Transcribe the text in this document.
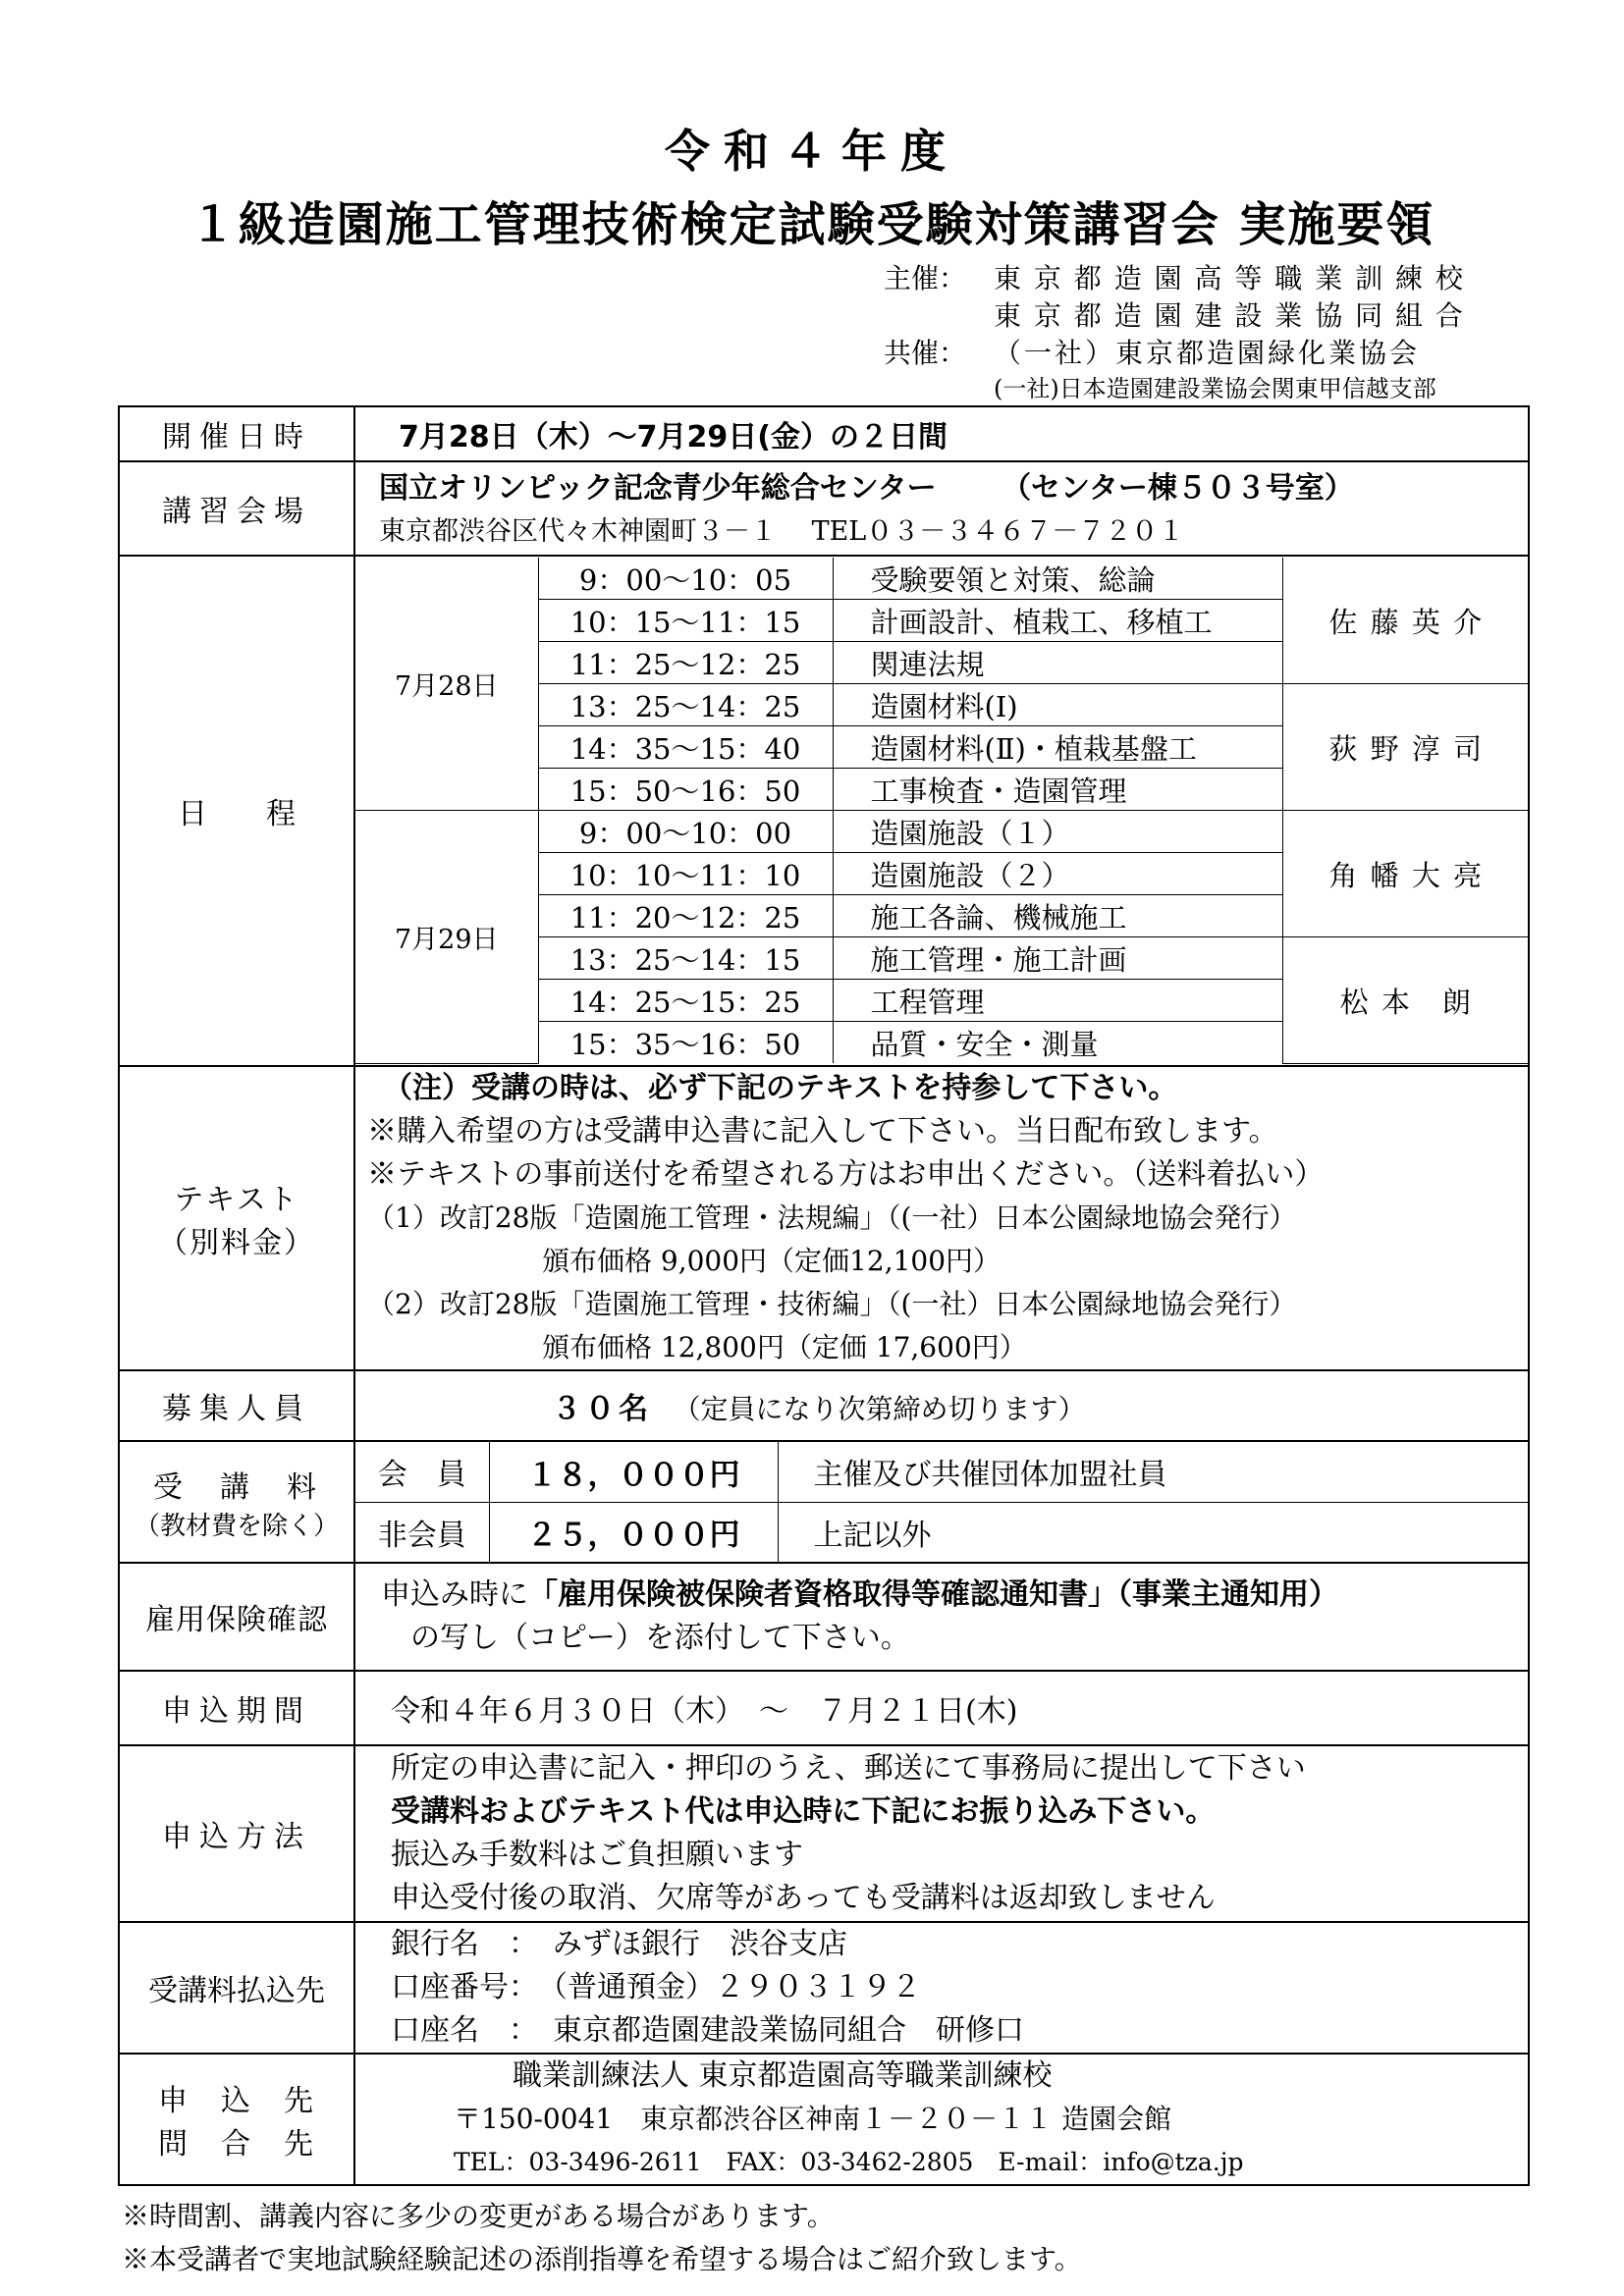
令和４年度
１級造園施工管理技術検定試験受験対策講習会 実施要領
主催： 東 京 都 造 園 高 等 職 業 訓 練 校
東 京 都 造 園 建 設 業 協 同 組 合
共催： （一社）東京都造園緑化業協会
(一社)日本造園建設業協会関東甲信越支部
開催日時	7月28日（木）～7月29日(金）の２日間
講習会場	
国立オリンピック記念青少年総合センター （センター棟５０３号室）
東京都渋谷区代々木神園町３－１　 TEL０３－３４６７－７２０１

日　　程	
7月28日	9：00～10：05	受験要領と対策、総論	佐 藤 英 介
10：15～11：15	計画設計、植栽工、移植工
11：25～12：25	関連法規
13：25～14：25	造園材料(Ⅰ)	荻 野 淳 司
14：35～15：40	造園材料(Ⅱ)・植栽基盤工
15：50～16：50	工事検査・造園管理
7月29日	9：00～10：00	造園施設（１）	角 幡 大 亮
10：10～11：10	造園施設（２）
11：20～12：25	施工各論、機械施工
13：25～14：15	施工管理・施工計画	松 本　朗
14：25～15：25	工程管理
15：35～16：50	品質・安全・測量

テキスト
（別料金）

（注）受講の時は、必ず下記のテキストを持参して下さい。
※購入希望の方は受講申込書に記入して下さい。当日配布致します。
※テキストの事前送付を希望される方はお申出ください。（送料着払い）
（1）改訂28版「造園施工管理・法規編」（(一社）日本公園緑地協会発行）
頒布価格 9,000円（定価12,100円）
（2）改訂28版「造園施工管理・技術編」（(一社）日本公園緑地協会発行）
頒布価格 12,800円（定価 17,600円）

募集人員	３０名 （定員になり次第締め切ります）

受　講　料
（教材費を除く）

会　員	１８，０００円	主催及び共催団体加盟社員
非会員	２５，０００円	上記以外

雇用保険確認	
申込み時に「雇用保険被保険者資格取得等確認通知書」（事業主通知用）
の写し（コピー）を添付して下さい。

申込期間	令和４年６月３０日（木）　～　７月２１日(木)
申込方法	
所定の申込書に記入・押印のうえ、郵送にて事務局に提出して下さい
受講料およびテキスト代は申込時に下記にお振り込み下さい。
振込み手数料はご負担願います
申込受付後の取消、欠席等があっても受講料は返却致しません

受講料払込先	
銀行名　：　みずほ銀行　渋谷支店
口座番号：　（普通預金）２９０３１９２
口座名　：　東京都造園建設業協同組合　研修口

申　込　先
問　合　先

職業訓練法人 東京都造園高等職業訓練校
〒150-0041　東京都渋谷区神南１－２０－１１ 造園会館
TEL：03-3496-2611　FAX：03-3462-2805　E-mail：info@tza.jp
※時間割、講義内容に多少の変更がある場合があります。
※本受講者で実地試験経験記述の添削指導を希望する場合はご紹介致します。
